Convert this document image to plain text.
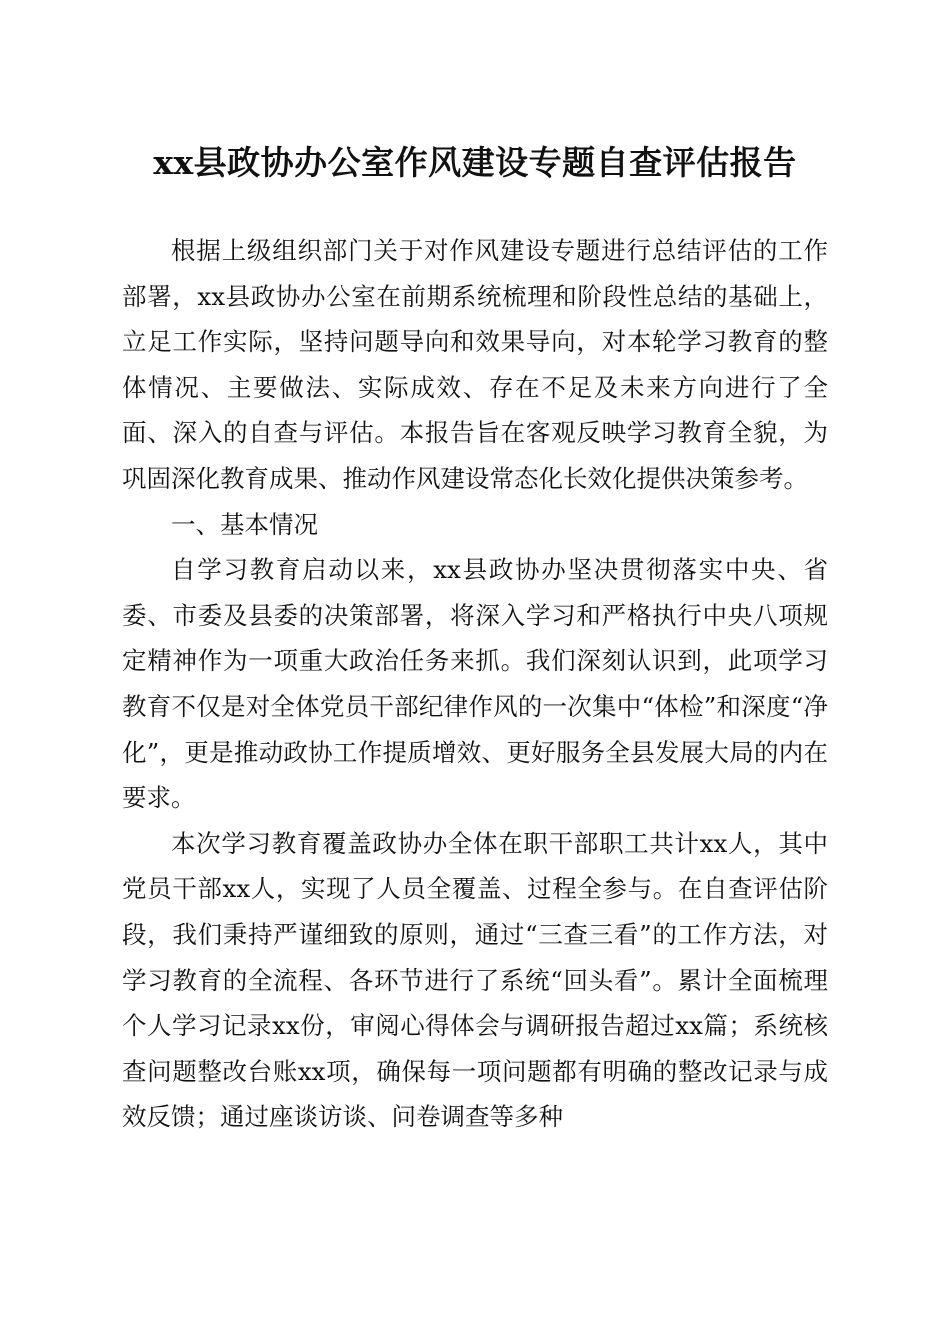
xx县政协办公室作风建设专题自查评估报告

根据上级组织部门关于对作风建设专题进行总结评估的工作部署，xx县政协办公室在前期系统梳理和阶段性总结的基础上，立足工作实际，坚持问题导向和效果导向，对本轮学习教育的整体情况、主要做法、实际成效、存在不足及未来方向进行了全面、深入的自查与评估。本报告旨在客观反映学习教育全貌，为巩固深化教育成果、推动作风建设常态化长效化提供决策参考。

一、基本情况

自学习教育启动以来，xx县政协办坚决贯彻落实中央、省委、市委及县委的决策部署，将深入学习和严格执行中央八项规定精神作为一项重大政治任务来抓。我们深刻认识到，此项学习教育不仅是对全体党员干部纪律作风的一次集中“体检”和深度“净化”，更是推动政协工作提质增效、更好服务全县发展大局的内在要求。

本次学习教育覆盖政协办全体在职干部职工共计xx人，其中党员干部xx人，实现了人员全覆盖、过程全参与。在自查评估阶段，我们秉持严谨细致的原则，通过“三查三看”的工作方法，对学习教育的全流程、各环节进行了系统“回头看”。累计全面梳理个人学习记录xx份，审阅心得体会与调研报告超过xx篇；系统核查问题整改台账xx项，确保每一项问题都有明确的整改记录与成效反馈；通过座谈访谈、问卷调查等多种
